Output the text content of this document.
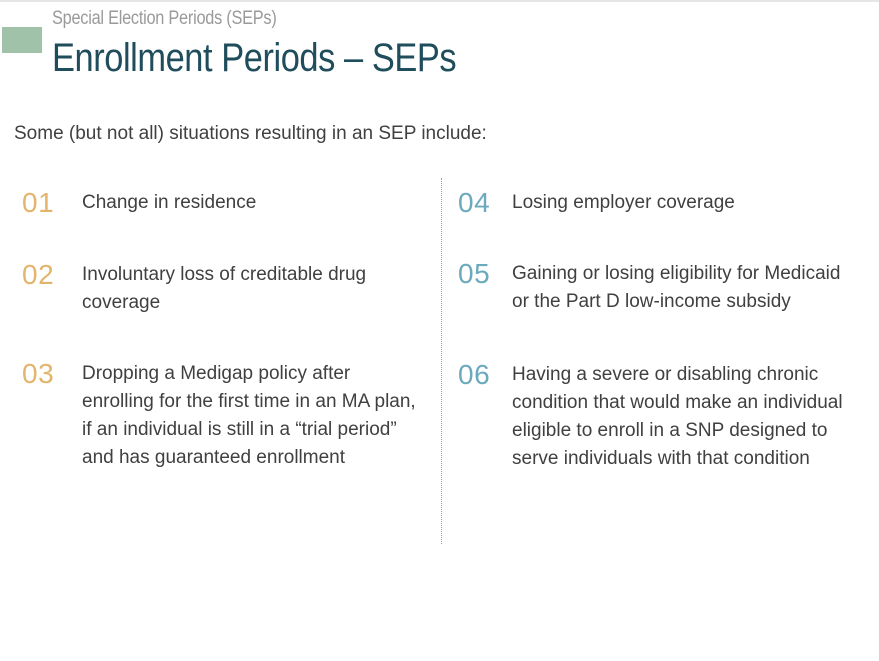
Special Election Periods (SEPs)
Enrollment Periods – SEPs
Some (but not all) situations resulting in an SEP include:
01 Change in residence
02 Involuntary loss of creditable drug coverage
03 Dropping a Medigap policy after enrolling for the first time in an MA plan, if an individual is still in a “trial period” and has guaranteed enrollment
04 Losing employer coverage
05 Gaining or losing eligibility for Medicaid or the Part D low-income subsidy
06 Having a severe or disabling chronic condition that would make an individual eligible to enroll in a SNP designed to serve individuals with that condition
